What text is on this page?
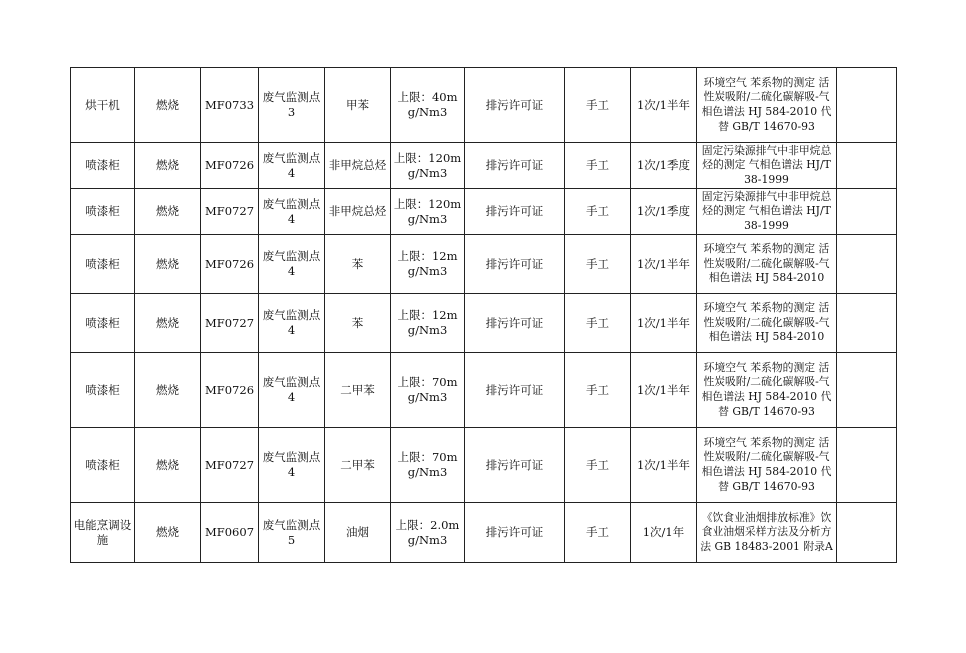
烘干机	燃烧	MF0733	废气监测点3	甲苯	上限：40mg/Nm3	排污许可证	手工	1次/1半年	环境空气 苯系物的测定 活性炭吸附/二硫化碳解吸-气相色谱法 HJ 584-2010 代替 GB/T 14670-93	
喷漆柜	燃烧	MF0726	废气监测点4	非甲烷总烃	上限：120mg/Nm3	排污许可证	手工	1次/1季度	固定污染源排气中非甲烷总烃的测定 气相色谱法 HJ/T 38-1999	
喷漆柜	燃烧	MF0727	废气监测点4	非甲烷总烃	上限：120mg/Nm3	排污许可证	手工	1次/1季度	固定污染源排气中非甲烷总烃的测定 气相色谱法 HJ/T 38-1999	
喷漆柜	燃烧	MF0726	废气监测点4	苯	上限：12mg/Nm3	排污许可证	手工	1次/1半年	环境空气 苯系物的测定 活性炭吸附/二硫化碳解吸-气相色谱法 HJ 584-2010	
喷漆柜	燃烧	MF0727	废气监测点4	苯	上限：12mg/Nm3	排污许可证	手工	1次/1半年	环境空气 苯系物的测定 活性炭吸附/二硫化碳解吸-气相色谱法 HJ 584-2010	
喷漆柜	燃烧	MF0726	废气监测点4	二甲苯	上限：70mg/Nm3	排污许可证	手工	1次/1半年	环境空气 苯系物的测定 活性炭吸附/二硫化碳解吸-气相色谱法 HJ 584-2010 代替 GB/T 14670-93	
喷漆柜	燃烧	MF0727	废气监测点4	二甲苯	上限：70mg/Nm3	排污许可证	手工	1次/1半年	环境空气 苯系物的测定 活性炭吸附/二硫化碳解吸-气相色谱法 HJ 584-2010 代替 GB/T 14670-93	
电能烹调设施	燃烧	MF0607	废气监测点5	油烟	上限：2.0mg/Nm3	排污许可证	手工	1次/1年	《饮食业油烟排放标准》饮食业油烟采样方法及分析方法 GB 18483-2001 附录A	
